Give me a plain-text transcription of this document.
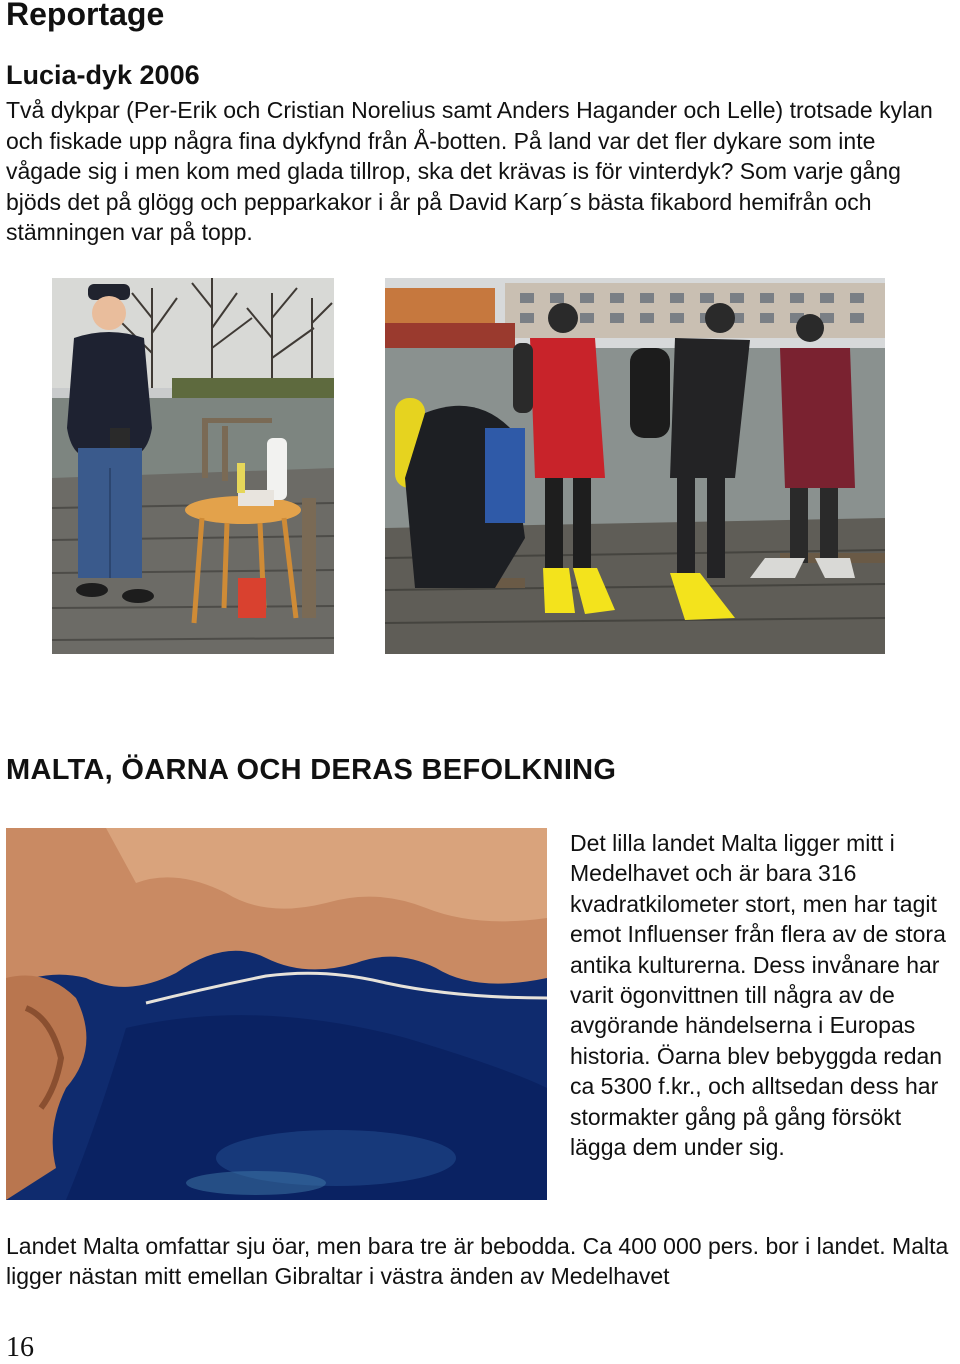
Reportage
Lucia-dyk 2006

Två dykpar (Per-Erik och Cristian Norelius samt Anders Hagander och Lelle) trotsade kylan och fiskade upp några fina dykfynd från Å-botten. På land var det fler dykare som inte vågade sig i men kom med glada tillrop, ska det krävas is för vinterdyk? Som varje gång bjöds det på glögg och pepparkakor i år på David Karp´s bästa fikabord hemifrån och stämningen var på topp.

MALTA, ÖARNA OCH DERAS BEFOLKNING

Det lilla landet Malta ligger mitt i Medelhavet och är bara 316 kvadratkilometer stort, men har tagit emot Influenser från flera av de stora antika kulturerna. Dess invånare har varit ögonvittnen till några av de avgörande händelserna i Europas historia. Öarna blev bebyggda redan ca 5300 f.kr., och alltsedan dess har stormakter gång på gång försökt lägga dem under sig.

Landet Malta omfattar sju öar, men bara tre är bebodda. Ca 400 000 pers. bor i landet. Malta ligger nästan mitt emellan Gibraltar i västra änden av Medelhavet

16
